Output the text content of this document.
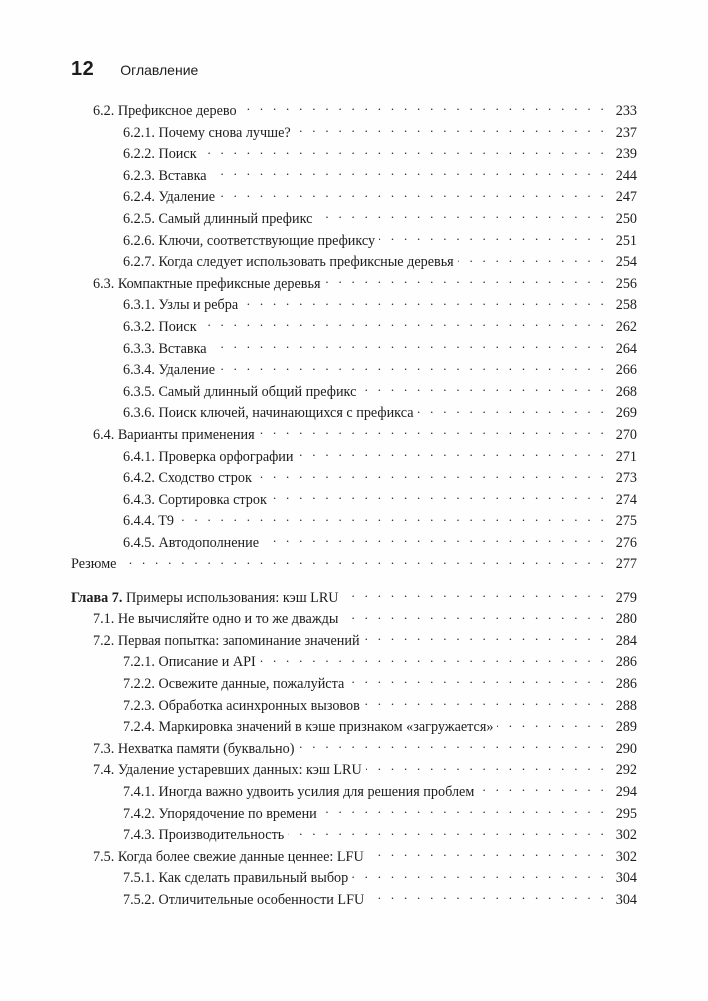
12 Оглавление
6.2. Префиксное дерево . . .	233
6.2.1. Почему снова лучше? . . .	237
6.2.2. Поиск . . .	239
6.2.3. Вставка . . .	244
6.2.4. Удаление . . .	247
6.2.5. Самый длинный префикс . . .	250
6.2.6. Ключи, соответствующие префиксу . . .	251
6.2.7. Когда следует использовать префиксные деревья . . .	254
6.3. Компактные префиксные деревья . . .	256
6.3.1. Узлы и ребра . . .	258
6.3.2. Поиск . . .	262
6.3.3. Вставка . . .	264
6.3.4. Удаление . . .	266
6.3.5. Самый длинный общий префикс . . .	268
6.3.6. Поиск ключей, начинающихся с префикса . . .	269
6.4. Варианты применения . . .	270
6.4.1. Проверка орфографии . . .	271
6.4.2. Сходство строк . . .	273
6.4.3. Сортировка строк . . .	274
6.4.4. T9 . . .	275
6.4.5. Автодополнение . . .	276
Резюме . . .	277
Глава 7. Примеры использования: кэш LRU . . .	279
7.1. Не вычисляйте одно и то же дважды . . .	280
7.2. Первая попытка: запоминание значений . . .	284
7.2.1. Описание и API . . .	286
7.2.2. Освежите данные, пожалуйста . . .	286
7.2.3. Обработка асинхронных вызовов . . .	288
7.2.4. Маркировка значений в кэше признаком «загружается» . . .	289
7.3. Нехватка памяти (буквально) . . .	290
7.4. Удаление устаревших данных: кэш LRU . . .	292
7.4.1. Иногда важно удвоить усилия для решения проблем . . .	294
7.4.2. Упорядочение по времени . . .	295
7.4.3. Производительность . . .	302
7.5. Когда более свежие данные ценнее: LFU . . .	302
7.5.1. Как сделать правильный выбор . . .	304
7.5.2. Отличительные особенности LFU . . .	304
